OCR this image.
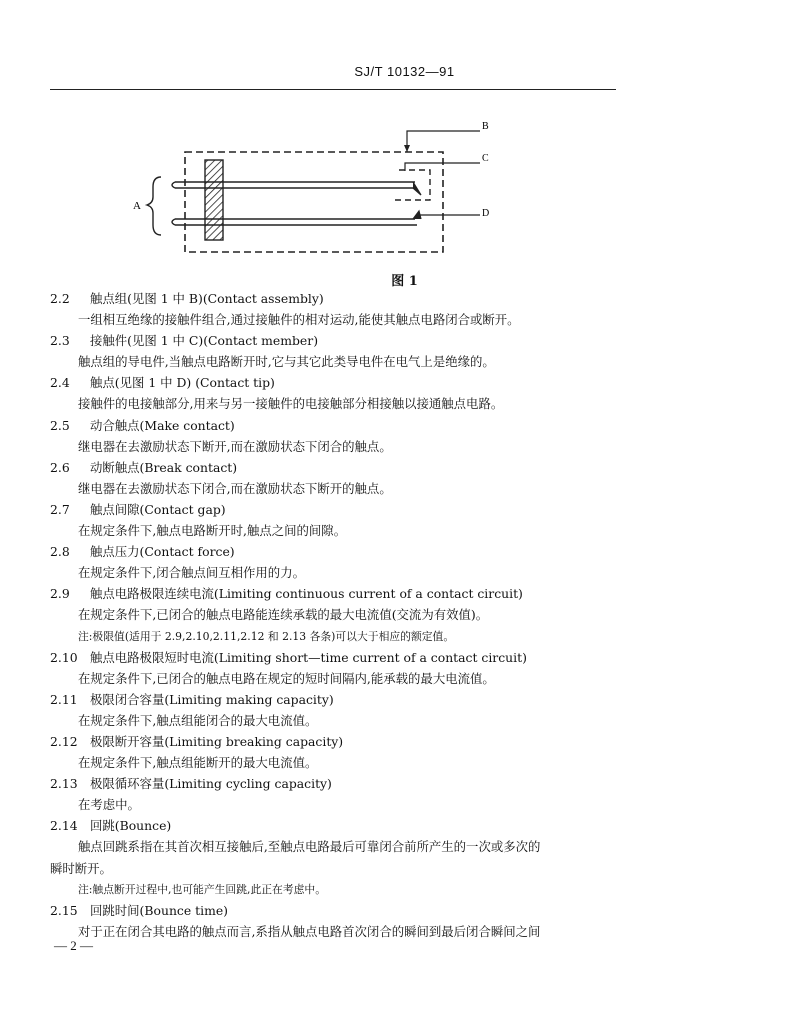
SJ/T 10132—91
A
B
C
D
图 1
2.2 触点组(见图 1 中 B)(Contact assembly)
一组相互绝缘的接触件组合,通过接触件的相对运动,能使其触点电路闭合或断开。
2.3 接触件(见图 1 中 C)(Contact member)
触点组的导电件,当触点电路断开时,它与其它此类导电件在电气上是绝缘的。
2.4 触点(见图 1 中 D) (Contact tip)
接触件的电接触部分,用来与另一接触件的电接触部分相接触以接通触点电路。
2.5 动合触点(Make contact)
继电器在去激励状态下断开,而在激励状态下闭合的触点。
2.6 动断触点(Break contact)
继电器在去激励状态下闭合,而在激励状态下断开的触点。
2.7 触点间隙(Contact gap)
在规定条件下,触点电路断开时,触点之间的间隙。
2.8 触点压力(Contact force)
在规定条件下,闭合触点间互相作用的力。
2.9 触点电路极限连续电流(Limiting continuous current of a contact circuit)
在规定条件下,已闭合的触点电路能连续承载的最大电流值(交流为有效值)。
注:极限值(适用于 2.9,2.10,2.11,2.12 和 2.13 各条)可以大于相应的额定值。
2.10 触点电路极限短时电流(Limiting short—time current of a contact circuit)
在规定条件下,已闭合的触点电路在规定的短时间隔内,能承载的最大电流值。
2.11 极限闭合容量(Limiting making capacity)
在规定条件下,触点组能闭合的最大电流值。
2.12 极限断开容量(Limiting breaking capacity)
在规定条件下,触点组能断开的最大电流值。
2.13 极限循环容量(Limiting cycling capacity)
在考虑中。
2.14 回跳(Bounce)
触点回跳系指在其首次相互接触后,至触点电路最后可靠闭合前所产生的一次或多次的
瞬时断开。
注:触点断开过程中,也可能产生回跳,此正在考虑中。
2.15 回跳时间(Bounce time)
对于正在闭合其电路的触点而言,系指从触点电路首次闭合的瞬间到最后闭合瞬间之间
— 2 —
